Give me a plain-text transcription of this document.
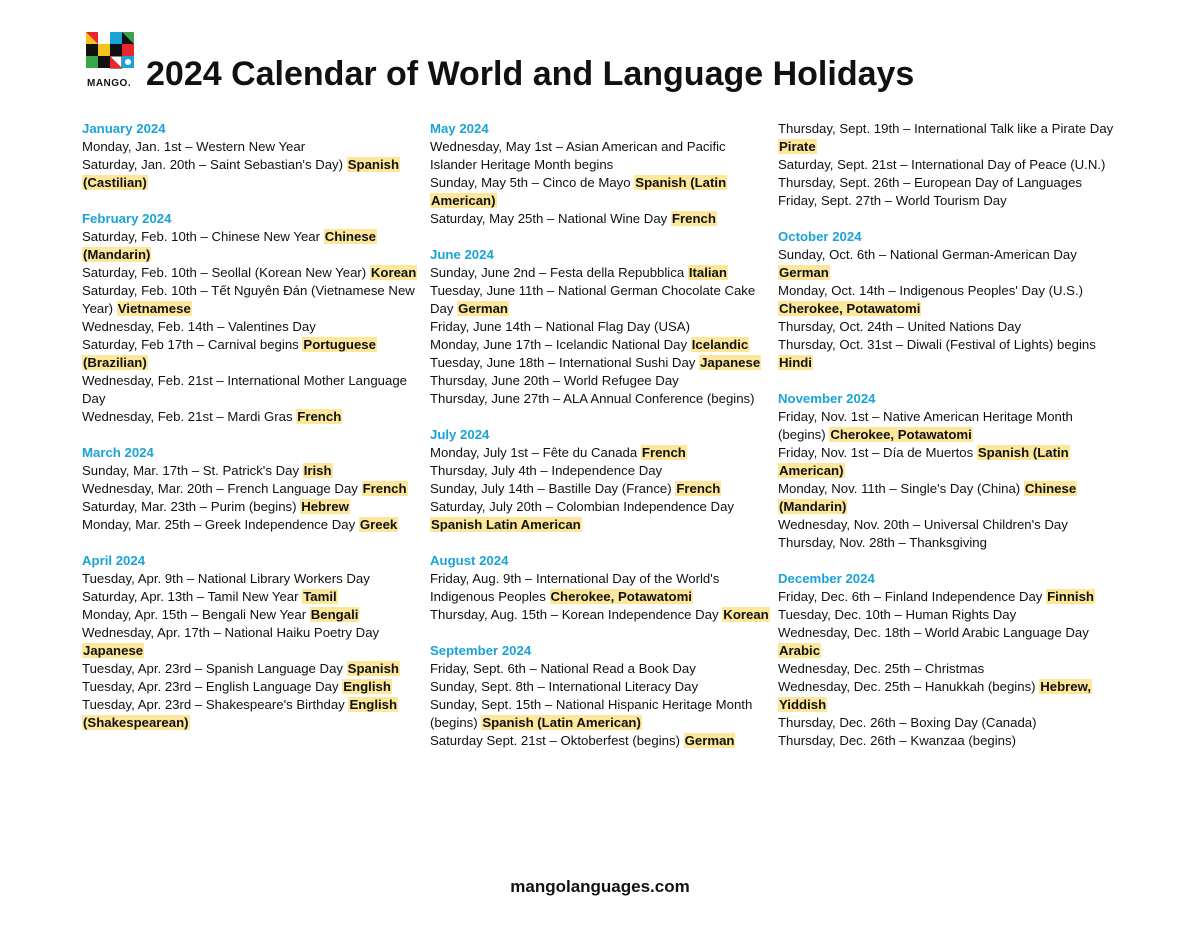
MANGO. 2024 Calendar of World and Language Holidays
January 2024
Monday, Jan. 1st – Western New Year
Saturday, Jan. 20th – Saint Sebastian's Day) Spanish (Castilian)
February 2024
Saturday, Feb. 10th – Chinese New Year Chinese (Mandarin)
Saturday, Feb. 10th – Seollal (Korean New Year) Korean
Saturday, Feb. 10th – Tết Nguyên Đán (Vietnamese New Year) Vietnamese
Wednesday, Feb. 14th – Valentines Day
Saturday, Feb 17th – Carnival begins Portuguese (Brazilian)
Wednesday, Feb. 21st – International Mother Language Day
Wednesday, Feb. 21st – Mardi Gras French
March 2024
Sunday, Mar. 17th – St. Patrick's Day Irish
Wednesday, Mar. 20th – French Language Day French
Saturday, Mar. 23th – Purim (begins) Hebrew
Monday, Mar. 25th – Greek Independence Day Greek
April 2024
Tuesday, Apr. 9th – National Library Workers Day
Saturday, Apr. 13th – Tamil New Year Tamil
Monday, Apr. 15th – Bengali New Year Bengali
Wednesday, Apr. 17th – National Haiku Poetry Day Japanese
Tuesday, Apr. 23rd – Spanish Language Day Spanish
Tuesday, Apr. 23rd – English Language Day English
Tuesday, Apr. 23rd – Shakespeare's Birthday English (Shakespearean)
May 2024
Wednesday, May 1st – Asian American and Pacific Islander Heritage Month begins
Sunday, May 5th – Cinco de Mayo Spanish (Latin American)
Saturday, May 25th – National Wine Day French
June 2024
Sunday, June 2nd – Festa della Repubblica Italian
Tuesday, June 11th – National German Chocolate Cake Day German
Friday, June 14th – National Flag Day (USA)
Monday, June 17th – Icelandic National Day Icelandic
Tuesday, June 18th – International Sushi Day Japanese
Thursday, June 20th – World Refugee Day
Thursday, June 27th – ALA Annual Conference (begins)
July 2024
Monday, July 1st – Fête du Canada French
Thursday, July 4th – Independence Day
Sunday, July 14th – Bastille Day (France) French
Saturday, July 20th – Colombian Independence Day Spanish Latin American
August 2024
Friday, Aug. 9th – International Day of the World's Indigenous Peoples Cherokee, Potawatomi
Thursday, Aug. 15th – Korean Independence Day Korean
September 2024
Friday, Sept. 6th – National Read a Book Day
Sunday, Sept. 8th – International Literacy Day
Sunday, Sept. 15th – National Hispanic Heritage Month (begins) Spanish (Latin American)
Saturday Sept. 21st – Oktoberfest (begins) German
Thursday, Sept. 19th – International Talk like a Pirate Day Pirate
Saturday, Sept. 21st – International Day of Peace (U.N.)
Thursday, Sept. 26th – European Day of Languages
Friday, Sept. 27th – World Tourism Day
October 2024
Sunday, Oct. 6th – National German-American Day German
Monday, Oct. 14th – Indigenous Peoples' Day (U.S.) Cherokee, Potawatomi
Thursday, Oct. 24th – United Nations Day
Thursday, Oct. 31st – Diwali (Festival of Lights) begins Hindi
November 2024
Friday, Nov. 1st – Native American Heritage Month (begins) Cherokee, Potawatomi
Friday, Nov. 1st – Día de Muertos Spanish (Latin American)
Monday, Nov. 11th – Single's Day (China) Chinese (Mandarin)
Wednesday, Nov. 20th – Universal Children's Day
Thursday, Nov. 28th – Thanksgiving
December 2024
Friday, Dec. 6th – Finland Independence Day Finnish
Tuesday, Dec. 10th – Human Rights Day
Wednesday, Dec. 18th – World Arabic Language Day Arabic
Wednesday, Dec. 25th – Christmas
Wednesday, Dec. 25th – Hanukkah (begins) Hebrew, Yiddish
Thursday, Dec. 26th – Boxing Day (Canada)
Thursday, Dec. 26th – Kwanzaa (begins)
mangolanguages.com
